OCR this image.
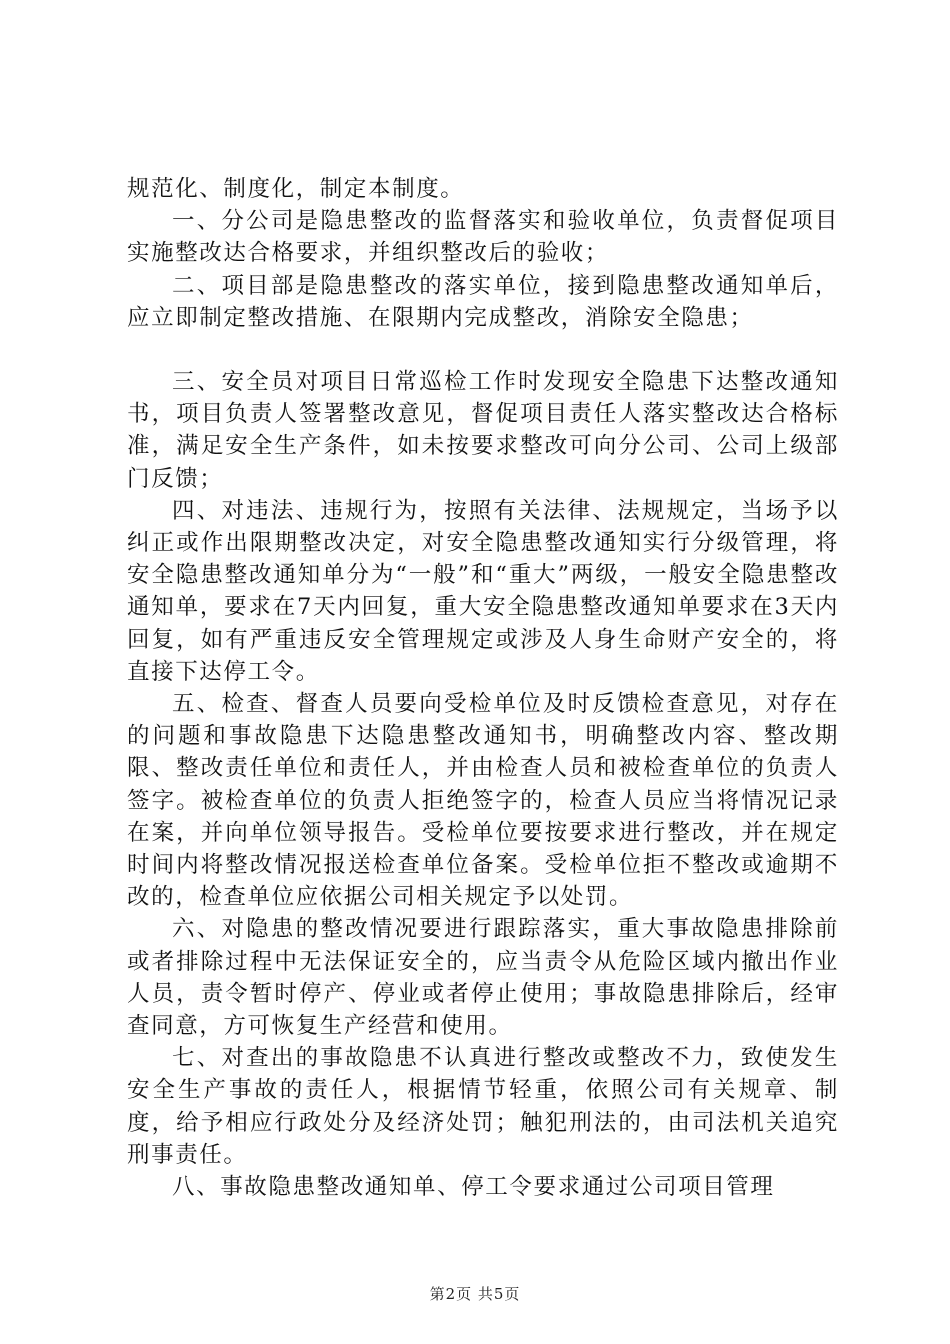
规范化、制度化，制定本制度。

一、分公司是隐患整改的监督落实和验收单位，负责督促项目实施整改达合格要求，并组织整改后的验收；

二、项目部是隐患整改的落实单位，接到隐患整改通知单后，应立即制定整改措施、在限期内完成整改，消除安全隐患；

三、安全员对项目日常巡检工作时发现安全隐患下达整改通知书，项目负责人签署整改意见，督促项目责任人落实整改达合格标准，满足安全生产条件，如未按要求整改可向分公司、公司上级部门反馈；

四、对违法、违规行为，按照有关法律、法规规定，当场予以纠正或作出限期整改决定，对安全隐患整改通知实行分级管理，将安全隐患整改通知单分为“一般”和“重大”两级，一般安全隐患整改通知单，要求在7天内回复，重大安全隐患整改通知单要求在3天内回复，如有严重违反安全管理规定或涉及人身生命财产安全的，将直接下达停工令。

五、检查、督查人员要向受检单位及时反馈检查意见，对存在的问题和事故隐患下达隐患整改通知书，明确整改内容、整改期限、整改责任单位和责任人，并由检查人员和被检查单位的负责人签字。被检查单位的负责人拒绝签字的，检查人员应当将情况记录在案，并向单位领导报告。受检单位要按要求进行整改，并在规定时间内将整改情况报送检查单位备案。受检单位拒不整改或逾期不改的，检查单位应依据公司相关规定予以处罚。

六、对隐患的整改情况要进行跟踪落实，重大事故隐患排除前或者排除过程中无法保证安全的，应当责令从危险区域内撤出作业人员，责令暂时停产、停业或者停止使用；事故隐患排除后，经审查同意，方可恢复生产经营和使用。

七、对查出的事故隐患不认真进行整改或整改不力，致使发生安全生产事故的责任人，根据情节轻重，依照公司有关规章、制度，给予相应行政处分及经济处罚；触犯刑法的，由司法机关追究刑事责任。

八、事故隐患整改通知单、停工令要求通过公司项目管理

第2页 共5页
